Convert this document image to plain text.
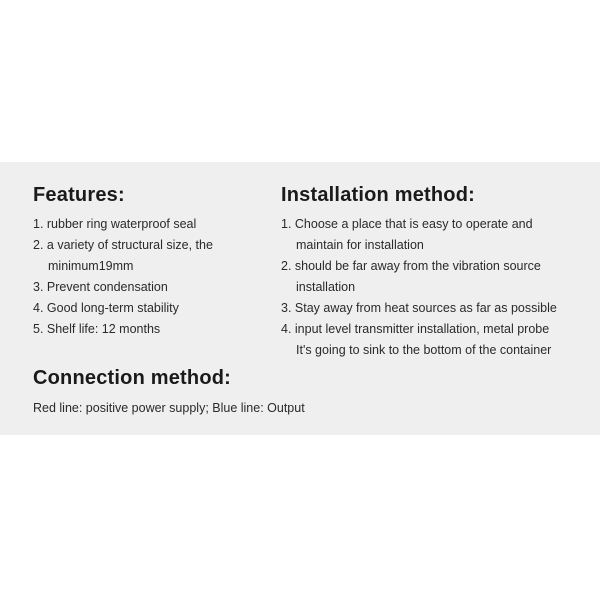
Features:
1. rubber ring waterproof seal
2. a variety of structural size, the
minimum19mm
3. Prevent condensation
4. Good long-term stability
5. Shelf life: 12 months
Installation method:
1. Choose a place that is easy to operate and
maintain for installation
2. should be far away from the vibration source
installation
3. Stay away from heat sources as far as possible
4. input level transmitter installation, metal probe
It's going to sink to the bottom of the container
Connection method:
Red line: positive power supply; Blue line: Output
